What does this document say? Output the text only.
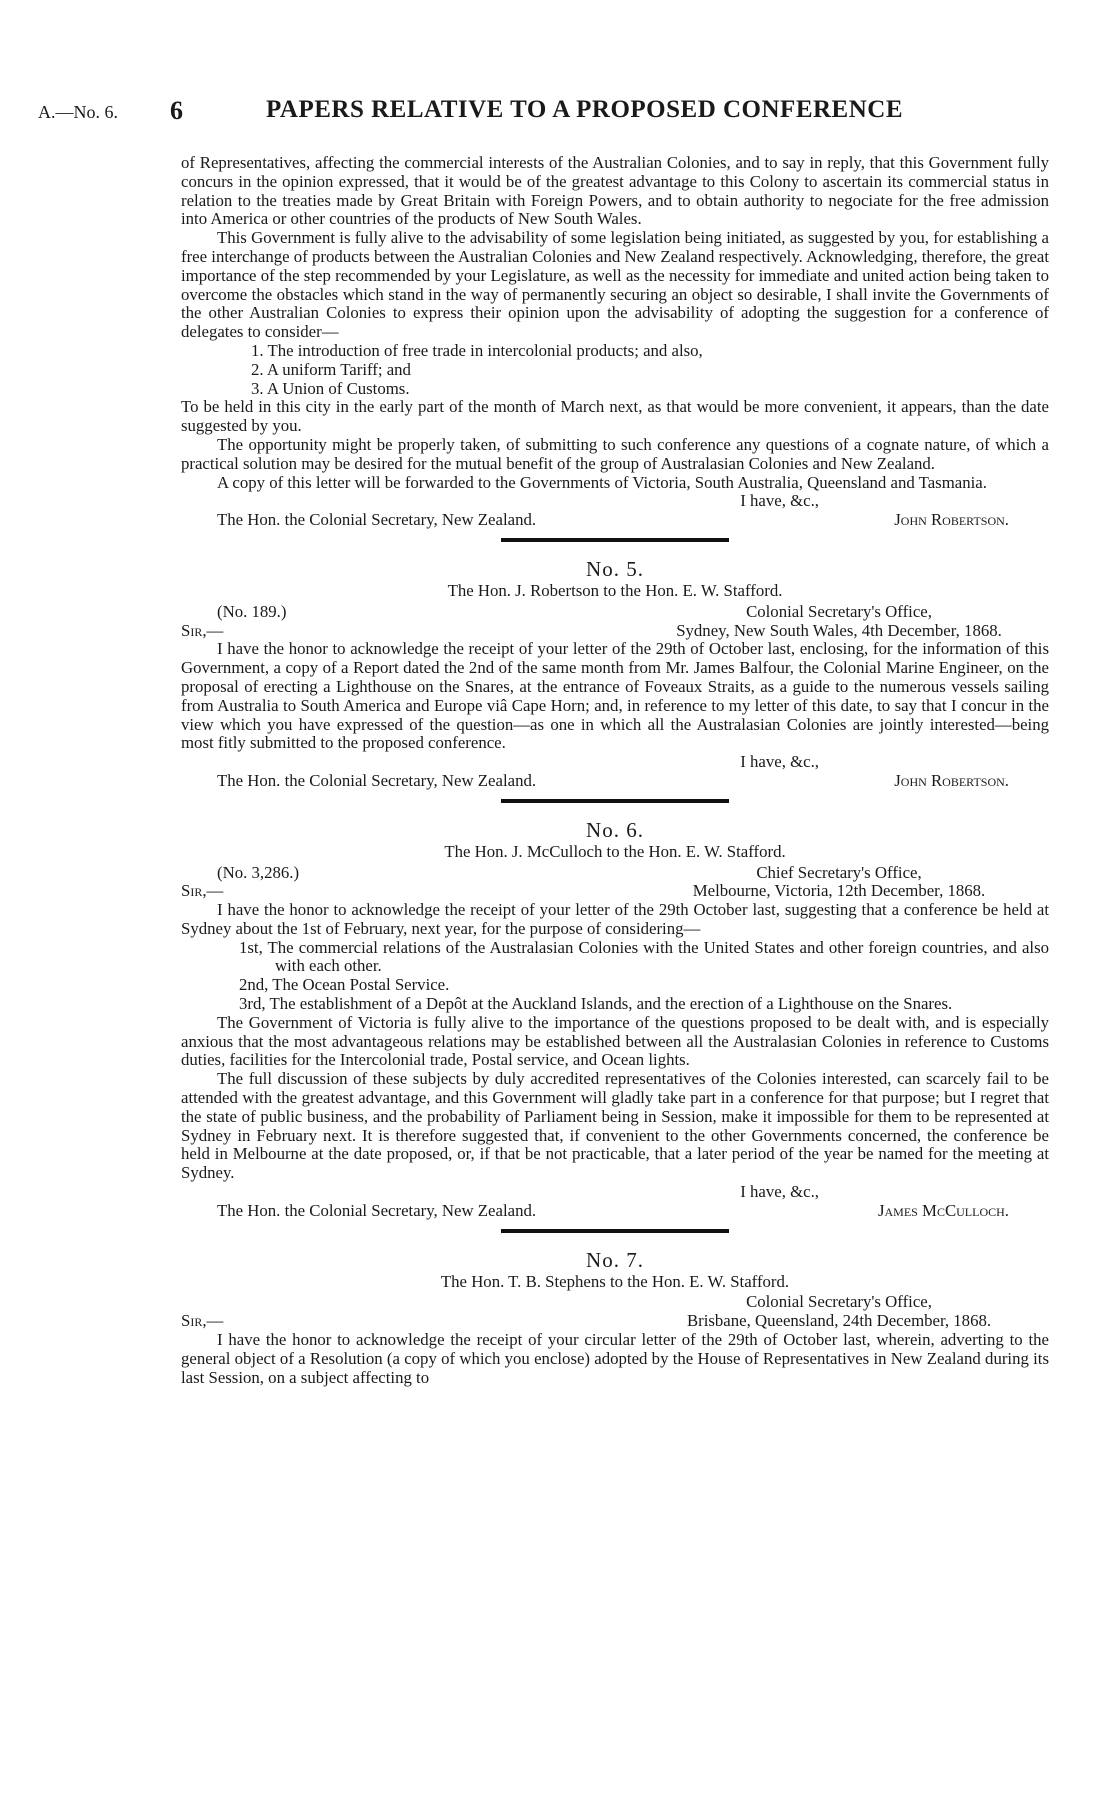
A.—No. 6. 6	PAPERS RELATIVE TO A PROPOSED CONFERENCE

of Representatives, affecting the commercial interests of the Australian Colonies, and to say in reply, that this Government fully concurs in the opinion expressed, that it would be of the greatest advantage to this Colony to ascertain its commercial status in relation to the treaties made by Great Britain with Foreign Powers, and to obtain authority to negociate for the free admission into America or other countries of the products of New South Wales.

This Government is fully alive to the advisability of some legislation being initiated, as suggested by you, for establishing a free interchange of products between the Australian Colonies and New Zealand respectively. Acknowledging, therefore, the great importance of the step recommended by your Legislature, as well as the necessity for immediate and united action being taken to overcome the obstacles which stand in the way of permanently securing an object so desirable, I shall invite the Governments of the other Australian Colonies to express their opinion upon the advisability of adopting the suggestion for a conference of delegates to consider—

1. The introduction of free trade in intercolonial products; and also,

2. A uniform Tariff; and

3. A Union of Customs.

To be held in this city in the early part of the month of March next, as that would be more convenient, it appears, than the date suggested by you.

The opportunity might be properly taken, of submitting to such conference any questions of a cognate nature, of which a practical solution may be desired for the mutual benefit of the group of Australasian Colonies and New Zealand.

A copy of this letter will be forwarded to the Governments of Victoria, South Australia, Queensland and Tasmania.

I have, &c.,

The Hon. the Colonial Secretary, New Zealand.	John Robertson.

No. 5.

The Hon. J. Robertson to the Hon. E. W. Stafford.

(No. 189.)	Colonial Secretary's Office,
Sir,—	Sydney, New South Wales, 4th December, 1868.

I have the honor to acknowledge the receipt of your letter of the 29th of October last, enclosing, for the information of this Government, a copy of a Report dated the 2nd of the same month from Mr. James Balfour, the Colonial Marine Engineer, on the proposal of erecting a Lighthouse on the Snares, at the entrance of Foveaux Straits, as a guide to the numerous vessels sailing from Australia to South America and Europe viâ Cape Horn; and, in reference to my letter of this date, to say that I concur in the view which you have expressed of the question—as one in which all the Australasian Colonies are jointly interested—being most fitly submitted to the proposed conference.

I have, &c.,

The Hon. the Colonial Secretary, New Zealand.	John Robertson.

No. 6.

The Hon. J. McCulloch to the Hon. E. W. Stafford.

(No. 3,286.)	Chief Secretary's Office,
Sir,—	Melbourne, Victoria, 12th December, 1868.

I have the honor to acknowledge the receipt of your letter of the 29th October last, suggesting that a conference be held at Sydney about the 1st of February, next year, for the purpose of considering—

1st, The commercial relations of the Australasian Colonies with the United States and other foreign countries, and also with each other.

2nd, The Ocean Postal Service.

3rd, The establishment of a Depôt at the Auckland Islands, and the erection of a Lighthouse on the Snares.

The Government of Victoria is fully alive to the importance of the questions proposed to be dealt with, and is especially anxious that the most advantageous relations may be established between all the Australasian Colonies in reference to Customs duties, facilities for the Intercolonial trade, Postal service, and Ocean lights.

The full discussion of these subjects by duly accredited representatives of the Colonies interested, can scarcely fail to be attended with the greatest advantage, and this Government will gladly take part in a conference for that purpose; but I regret that the state of public business, and the probability of Parliament being in Session, make it impossible for them to be represented at Sydney in February next. It is therefore suggested that, if convenient to the other Governments concerned, the conference be held in Melbourne at the date proposed, or, if that be not practicable, that a later period of the year be named for the meeting at Sydney.

I have, &c.,

The Hon. the Colonial Secretary, New Zealand.	James McCulloch.

No. 7.

The Hon. T. B. Stephens to the Hon. E. W. Stafford.

Colonial Secretary's Office,
Sir,—	Brisbane, Queensland, 24th December, 1868.

I have the honor to acknowledge the receipt of your circular letter of the 29th of October last, wherein, adverting to the general object of a Resolution (a copy of which you enclose) adopted by the House of Representatives in New Zealand during its last Session, on a subject affecting to
